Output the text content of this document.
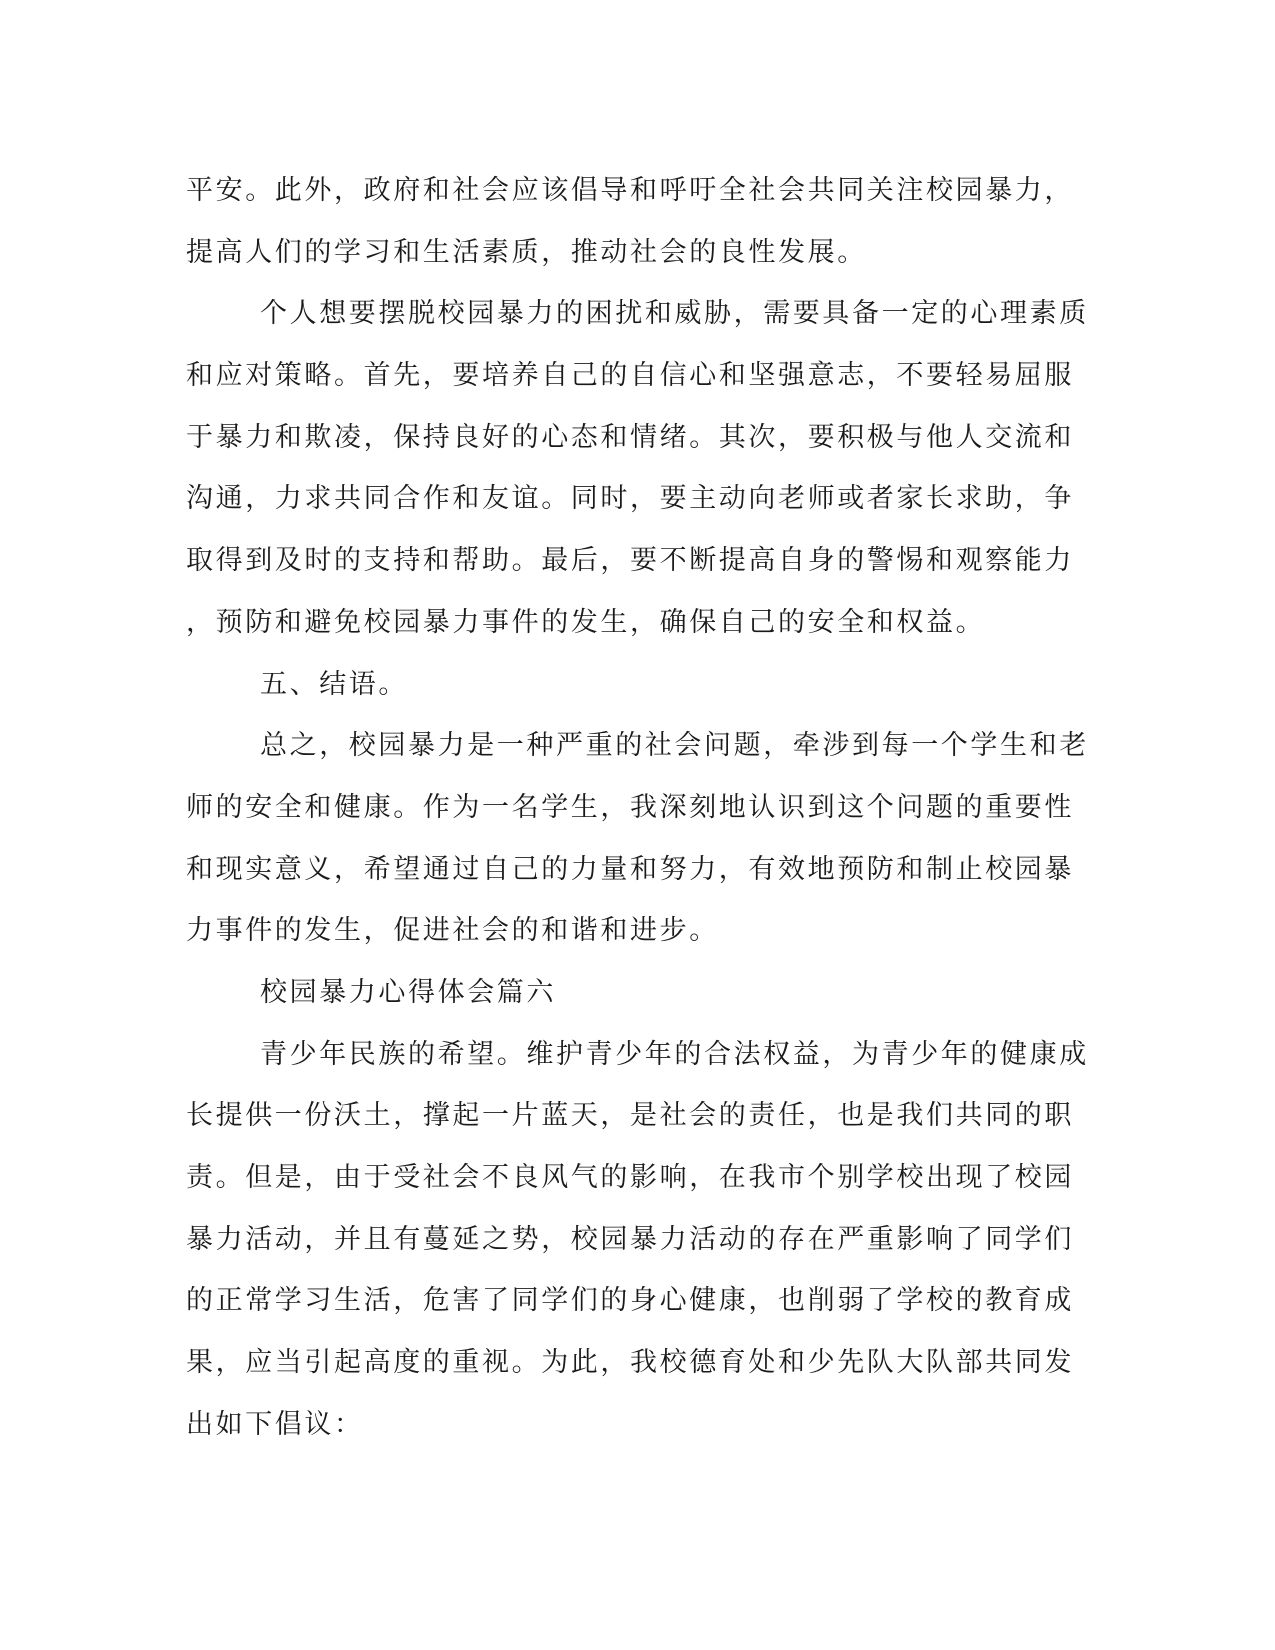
平安。此外，政府和社会应该倡导和呼吁全社会共同关注校园暴力，
提高人们的学习和生活素质，推动社会的良性发展。
个人想要摆脱校园暴力的困扰和威胁，需要具备一定的心理素质
和应对策略。首先，要培养自己的自信心和坚强意志，不要轻易屈服
于暴力和欺凌，保持良好的心态和情绪。其次，要积极与他人交流和
沟通，力求共同合作和友谊。同时，要主动向老师或者家长求助，争
取得到及时的支持和帮助。最后，要不断提高自身的警惕和观察能力
，预防和避免校园暴力事件的发生，确保自己的安全和权益。
五、结语。
总之，校园暴力是一种严重的社会问题，牵涉到每一个学生和老
师的安全和健康。作为一名学生，我深刻地认识到这个问题的重要性
和现实意义，希望通过自己的力量和努力，有效地预防和制止校园暴
力事件的发生，促进社会的和谐和进步。
校园暴力心得体会篇六
青少年民族的希望。维护青少年的合法权益，为青少年的健康成
长提供一份沃土，撑起一片蓝天，是社会的责任，也是我们共同的职
责。但是，由于受社会不良风气的影响，在我市个别学校出现了校园
暴力活动，并且有蔓延之势，校园暴力活动的存在严重影响了同学们
的正常学习生活，危害了同学们的身心健康，也削弱了学校的教育成
果，应当引起高度的重视。为此，我校德育处和少先队大队部共同发
出如下倡议：
